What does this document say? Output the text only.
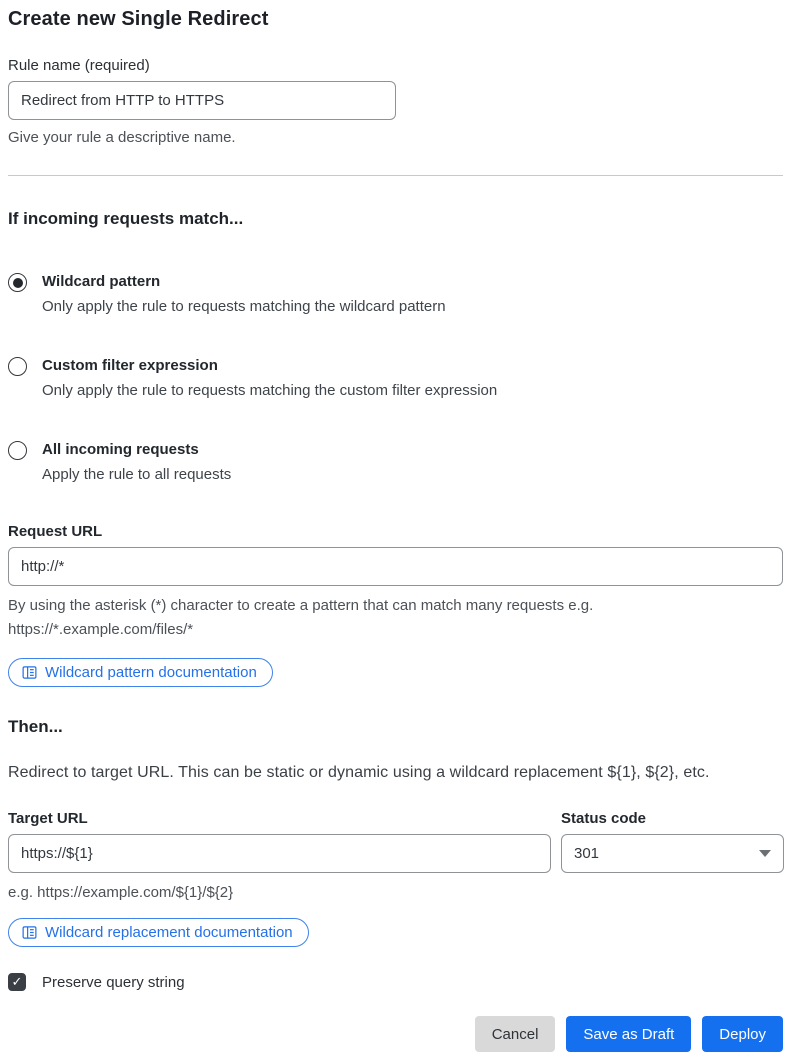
Create new Single Redirect
Rule name (required)
Redirect from HTTP to HTTPS
Give your rule a descriptive name.
If incoming requests match...
Wildcard pattern
Only apply the rule to requests matching the wildcard pattern
Custom filter expression
Only apply the rule to requests matching the custom filter expression
All incoming requests
Apply the rule to all requests
Request URL
http://*
By using the asterisk (*) character to create a pattern that can match many requests e.g.
https://*.example.com/files/*
Wildcard pattern documentation
Then...
Redirect to target URL. This can be static or dynamic using a wildcard replacement ${1}, ${2}, etc.
Target URL
https://${1}
e.g. https://example.com/${1}/${2}
Wildcard replacement documentation
Status code
301
✓ Preserve query string
Cancel	Save as Draft	Deploy
